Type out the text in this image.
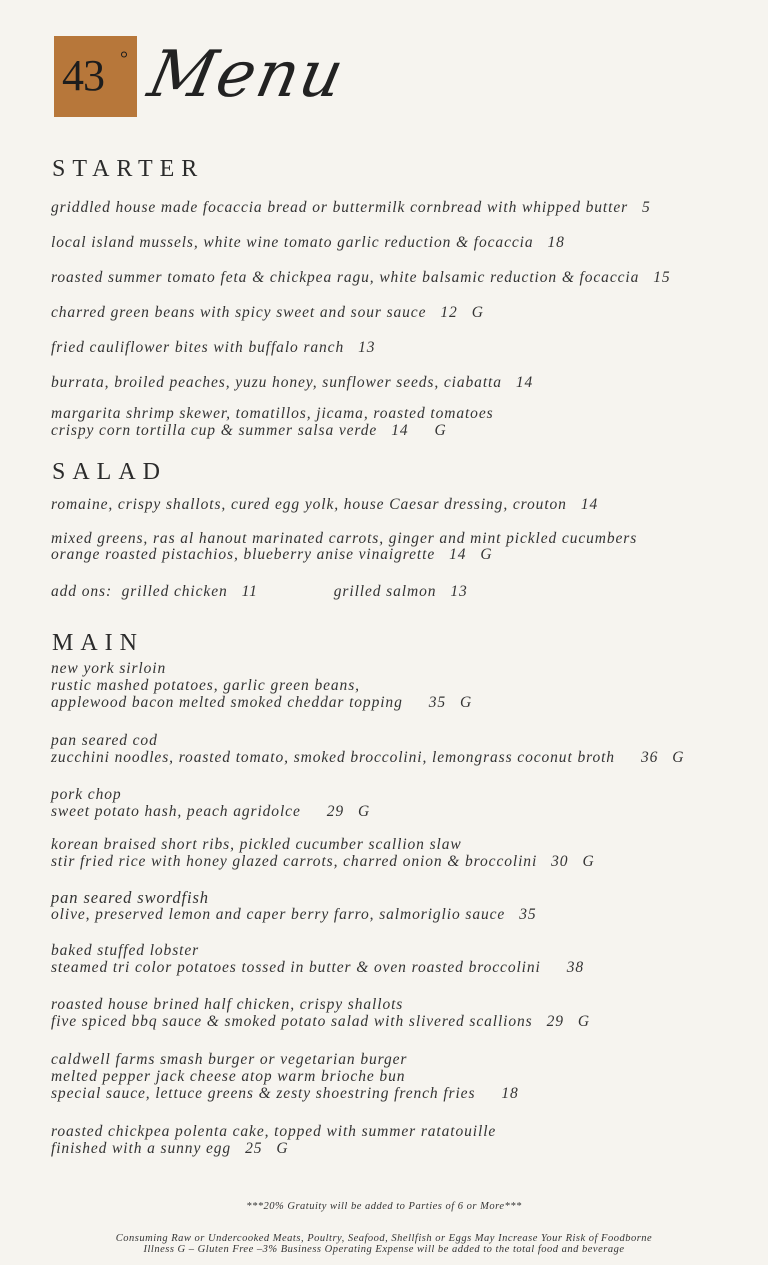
43 ° Menu
STARTER
griddled house made focaccia bread or buttermilk cornbread with whipped butter 5
local island mussels, white wine tomato garlic reduction & focaccia 18
roasted summer tomato feta & chickpea ragu, white balsamic reduction & focaccia 15
charred green beans with spicy sweet and sour sauce 12 G
fried cauliflower bites with buffalo ranch 13
burrata, broiled peaches, yuzu honey, sunflower seeds, ciabatta 14
margarita shrimp skewer, tomatillos, jicama, roasted tomatoes
crispy corn tortilla cup & summer salsa verde 14 G
SALAD
romaine, crispy shallots, cured egg yolk, house Caesar dressing, crouton 14
mixed greens, ras al hanout marinated carrots, ginger and mint pickled cucumbers
orange roasted pistachios, blueberry anise vinaigrette 14 G
add ons: grilled chicken 11	grilled salmon 13
MAIN
new york sirloin
rustic mashed potatoes, garlic green beans,
applewood bacon melted smoked cheddar topping 35 G
pan seared cod
zucchini noodles, roasted tomato, smoked broccolini, lemongrass coconut broth 36 G
pork chop
sweet potato hash, peach agridolce 29 G
korean braised short ribs, pickled cucumber scallion slaw
stir fried rice with honey glazed carrots, charred onion & broccolini 30 G
pan seared swordfish
olive, preserved lemon and caper berry farro, salmoriglio sauce 35
baked stuffed lobster
steamed tri color potatoes tossed in butter & oven roasted broccolini 38
roasted house brined half chicken, crispy shallots
five spiced bbq sauce & smoked potato salad with slivered scallions 29 G
caldwell farms smash burger or vegetarian burger
melted pepper jack cheese atop warm brioche bun
special sauce, lettuce greens & zesty shoestring french fries 18
roasted chickpea polenta cake, topped with summer ratatouille
finished with a sunny egg 25 G
***20% Gratuity will be added to Parties of 6 or More***
Consuming Raw or Undercooked Meats, Poultry, Seafood, Shellfish or Eggs May Increase Your Risk of Foodborne
Illness G – Gluten Free –3% Business Operating Expense will be added to the total food and beverage
